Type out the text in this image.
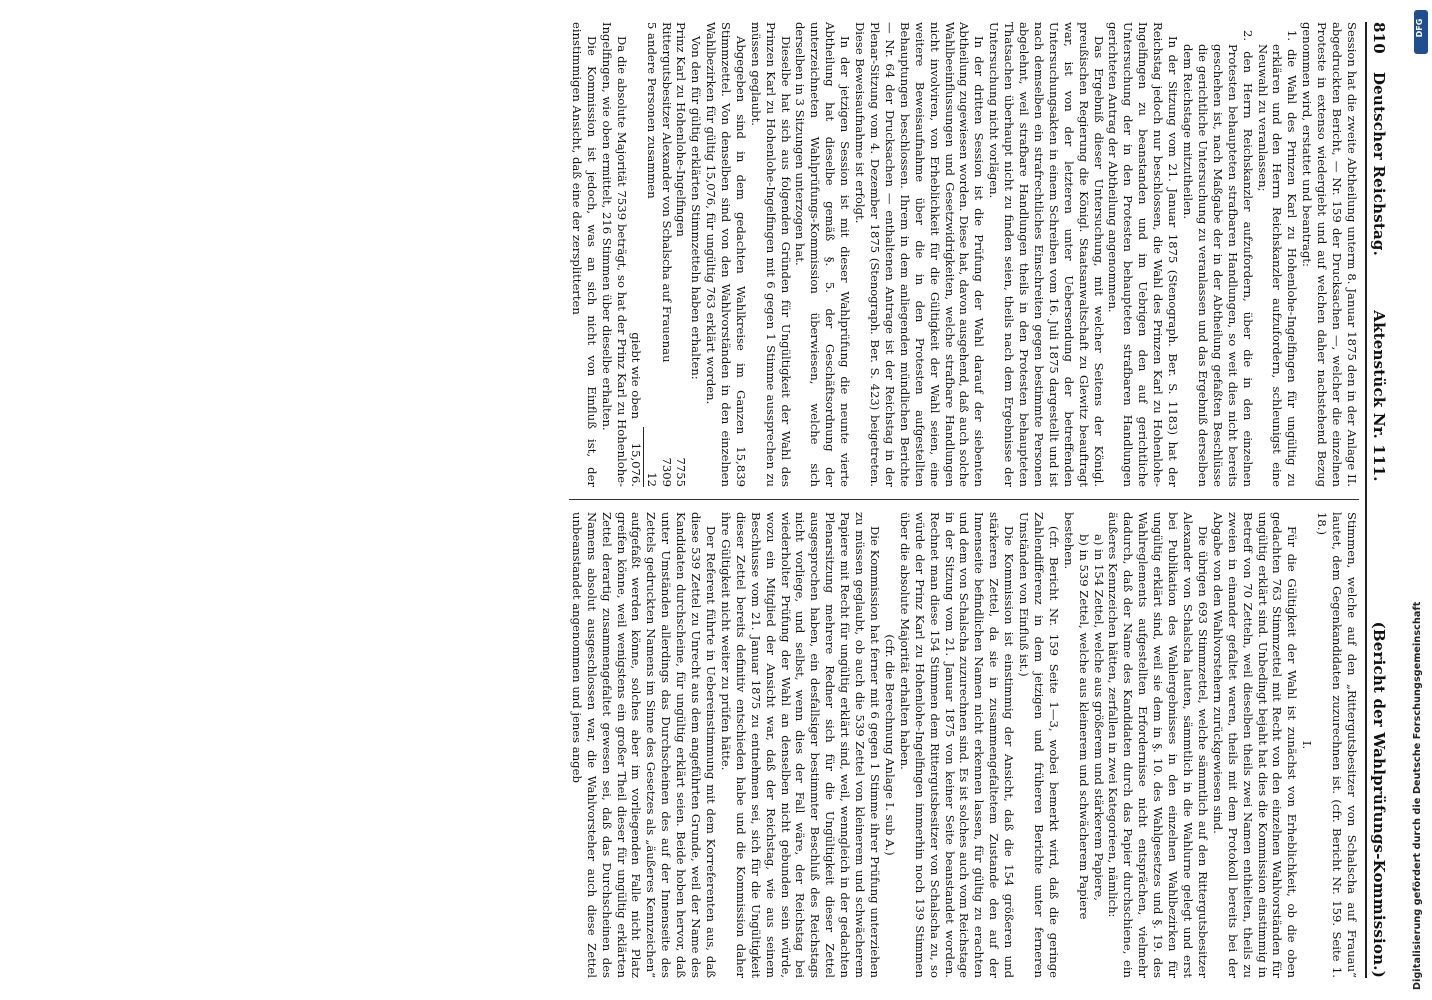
810
Deutscher Reichstag.          Aktenstück Nr. 111.
(Bericht der Wahlprüfungs-Kommission.)

Session hat die zweite Abtheilung unterm 8. Januar 1875 den in der Anlage II. abgedruckten Bericht, — Nr. 159 der Drucksachen —, welcher die einzelnen Proteste in extenso wiedergiebt und auf welchen daher nachstehend Bezug genommen wird, erstattet und beantragt:

1. die Wahl des Prinzen Karl zu Hohenlohe-Ingelfingen für ungültig zu erklären und den Herrn Reichskanzler aufzufordern, schleunigst eine Neuwahl zu veranlassen;

2. den Herrn Reichskanzler aufzufordern, über die in den einzelnen Protesten behaupteten strafbaren Handlungen, so weit dies nicht bereits geschehen ist, nach Maßgabe der in der Abtheilung gefaßten Beschlüsse die gerichtliche Untersuchung zu veranlassen und das Ergebniß derselben dem Reichstage mitzutheilen.

In der Sitzung vom 21. Januar 1875 (Stenograph. Ber. S. 1183) hat der Reichstag jedoch nur beschlossen, die Wahl des Prinzen Karl zu Hohenlohe-Ingelfingen zu beanstanden und im Uebrigen den auf gerichtliche Untersuchung der in den Protesten behaupteten strafbaren Handlungen gerichteten Antrag der Abtheilung angenommen.

Das Ergebniß dieser Untersuchung, mit welcher Seitens der Königl. preußischen Regierung die Königl. Staatsanwaltschaft zu Glewitz beauftragt war, ist von der letzteren unter Uebersendung der betreffenden Untersuchungsakten in einem Schreiben vom 16. Juli 1875 dargestellt und ist nach demselben ein strafrechtliches Einschreiten gegen bestimmte Personen abgelehnt, weil strafbare Handlungen theils in den Protesten behaupteten Thatsachen überhaupt nicht zu finden seien, theils nach dem Ergebnisse der Untersuchung nicht vorlägen.

In der dritten Session ist die Prüfung der Wahl darauf der siebenten Abtheilung zugewiesen worden. Diese hat, davon ausgehend, daß auch solche Wahlbeeinflussungen und Gesetzwidrigkeiten, welche strafbare Handlungen nicht involviren, von Erheblichkeit für die Gültigkeit der Wahl seien, eine weitere Beweisaufnahme über die in den Protesten aufgestellten Behauptungen beschlossen. Ihrem in dem anliegenden mündlichen Berichte — Nr. 64 der Drucksachen — enthaltenen Antrage ist der Reichstag in der Plenar-Sitzung vom 4. Dezember 1875 (Stenograph. Ber. S. 423) beigetreten. Diese Beweisaufnahme ist erfolgt.

In der jetzigen Session ist mit dieser Wahlprüfung die neunte vierte Abtheilung hat dieselbe gemäß §. 5. der Geschäftsordnung der unterzeichneten Wahlprüfungs-Kommission überwiesen, welche sich derselben in 3 Sitzungen unterzogen hat.

Dieselbe hat sich aus folgenden Gründen für Ungültigkeit der Wahl des Prinzen Karl zu Hohenlohe-Ingelfingen mit 6 gegen 1 Stimme aussprechen zu müssen geglaubt.

Abgegeben sind in dem gedachten Wahlkreise im Ganzen 15,839 Stimmzettel. Von denselben sind von den Wahlvorständen in den einzelnen Wahlbezirken für gültig 15,076, für ungültig 763 erklärt worden.

Von den für gültig erklärten Stimmzetteln haben erhalten:

Prinz Karl zu Hohenlohe-Ingelfingen	7755
Rittergutsbesitzer Alexander von Schalscha auf Frauenau	7309
5 andere Personen zusammen	12
giebt wie oben	15,076.

Da die absolute Majorität 7539 beträgt, so hat der Prinz Karl zu Hohenlohe-Ingelfingen, wie oben ermittelt, 216 Stimmen über dieselbe erhalten.

Die Kommission ist jedoch, was an sich nicht von Einfluß ist, der einstimmigen Ansicht, daß eine der zersplitterten

Stimmen, welche auf den „Rittergutsbesitzer von Schalscha auf Frauau“ lautet, dem Gegenkandidaten zuzurechnen ist. (cfr. Bericht Nr. 159. Seite 1. 18.)

I.

Für die Gültigkeit der Wahl ist zunächst von Erheblichkeit, ob die oben gedachten 763 Stimmzettel mit Recht von den einzelnen Wahlvorständen für ungültig erklärt sind. Unbedingt bejaht hat dies die Kommission einstimmig in Betreff von 70 Zetteln, weil dieselben theils zwei Namen enthielten, theils zu zweien in einander gefaltet waren, theils mit dem Protokoll bereits bei der Abgabe von den Wahlvorstehern zurückgewiesen sind.

Die übrigen 693 Stimmzettel, welche sämmtlich auf den Rittergutsbesitzer Alexander von Schalscha lauten, sämmtlich in die Wahlurne gelegt und erst bei Publikation des Wahlergebnisses in den einzelnen Wahlbezirken für ungültig erklärt sind, weil sie dem in §. 10. des Wahlgesetzes und §. 19. des Wahlreglements aufgestellten Erfordernisse nicht entsprächen, vielmehr dadurch, daß der Name des Kandidaten durch das Papier durchschiene, ein äußeres Kennzeichen hätten, zerfallen in zwei Kategorieen, nämlich:

a) in 154 Zettel, welche aus größerem und stärkerem Papiere,

b) in 539 Zettel, welche aus kleinerem und schwächerem Papiere

bestehen.

(cfr. Bericht Nr. 159 Seite 1—3, wobei bemerkt wird, daß die geringe Zahlendifferenz in dem jetzigen und früheren Berichte unter ferneren Umständen von Einfluß ist.)

Die Kommission ist einstimmig der Ansicht, daß die 154 größeren und stärkeren Zettel, da sie in zusammengefaltetem Zustande den auf der Innenseite befindlichen Namen nicht erkennen lassen, für gültig zu erachten und dem von Schalscha zuzurechnen sind. Es ist solches auch vom Reichstage in der Sitzung vom 21. Januar 1875 von keiner Seite beanstandet worden. Rechnet man diese 154 Stimmen dem Rittergutsbesitzer von Schalscha zu, so würde der Prinz Karl zu Hohenlohe-Ingelfingen immerhin noch 139 Stimmen über die absolute Majorität erhalten haben.

(cfr. die Berechnung Anlage I. sub A.)

Die Kommission hat ferner mit 6 gegen 1 Stimme ihrer Prüfung unterziehen zu müssen geglaubt, ob auch die 539 Zettel von kleinerem und schwächerem Papiere mit Recht für ungültig erklärt sind, weil, wenngleich in der gedachten Plenarsitzung mehrere Redner sich für die Ungültigkeit dieser Zettel ausgesprochen haben, ein desfallsiger bestimmter Beschluß des Reichstags nicht vorliege, und selbst, wenn dies der Fall wäre, der Reichstag bei wiederholter Prüfung der Wahl an denselben nicht gebunden sein würde, wozu ein Mitglied der Ansicht war, daß der Reichstag, wie aus seinem Beschlusse vom 21. Januar 1875 zu entnehmen sei, sich für die Ungültigkeit dieser Zettel bereits definitiv entschieden habe und die Kommission daher ihre Gültigkeit nicht weiter zu prüfen hätte.

Der Referent führte in Uebereinstimmung mit dem Korreferenten aus, daß diese 539 Zettel zu Unrecht aus dem angeführten Grunde, weil der Name des Kandidaten durchscheine, für ungültig erklärt seien. Beide hoben hervor, daß unter Umständen allerdings das Durchscheinen des auf der Innenseite des Zettels gedruckten Namens im Sinne des Gesetzes als „äußeres Kennzeichen“ aufgefaßt werden könne, solches aber im vorliegenden Falle nicht Platz greifen könne, weil wenigstens ein großer Theil dieser für ungültig erklärten Zettel derartig zusammengefaltet gewesen sei, daß das Durchscheinen des Namens absolut ausgeschlossen war, die Wahlvorsteher auch diese Zettel unbeanstandet angenommen und jenes angeb

DFG
Digitalisierung gefördert durch die Deutsche Forschungsgemeinschaft
